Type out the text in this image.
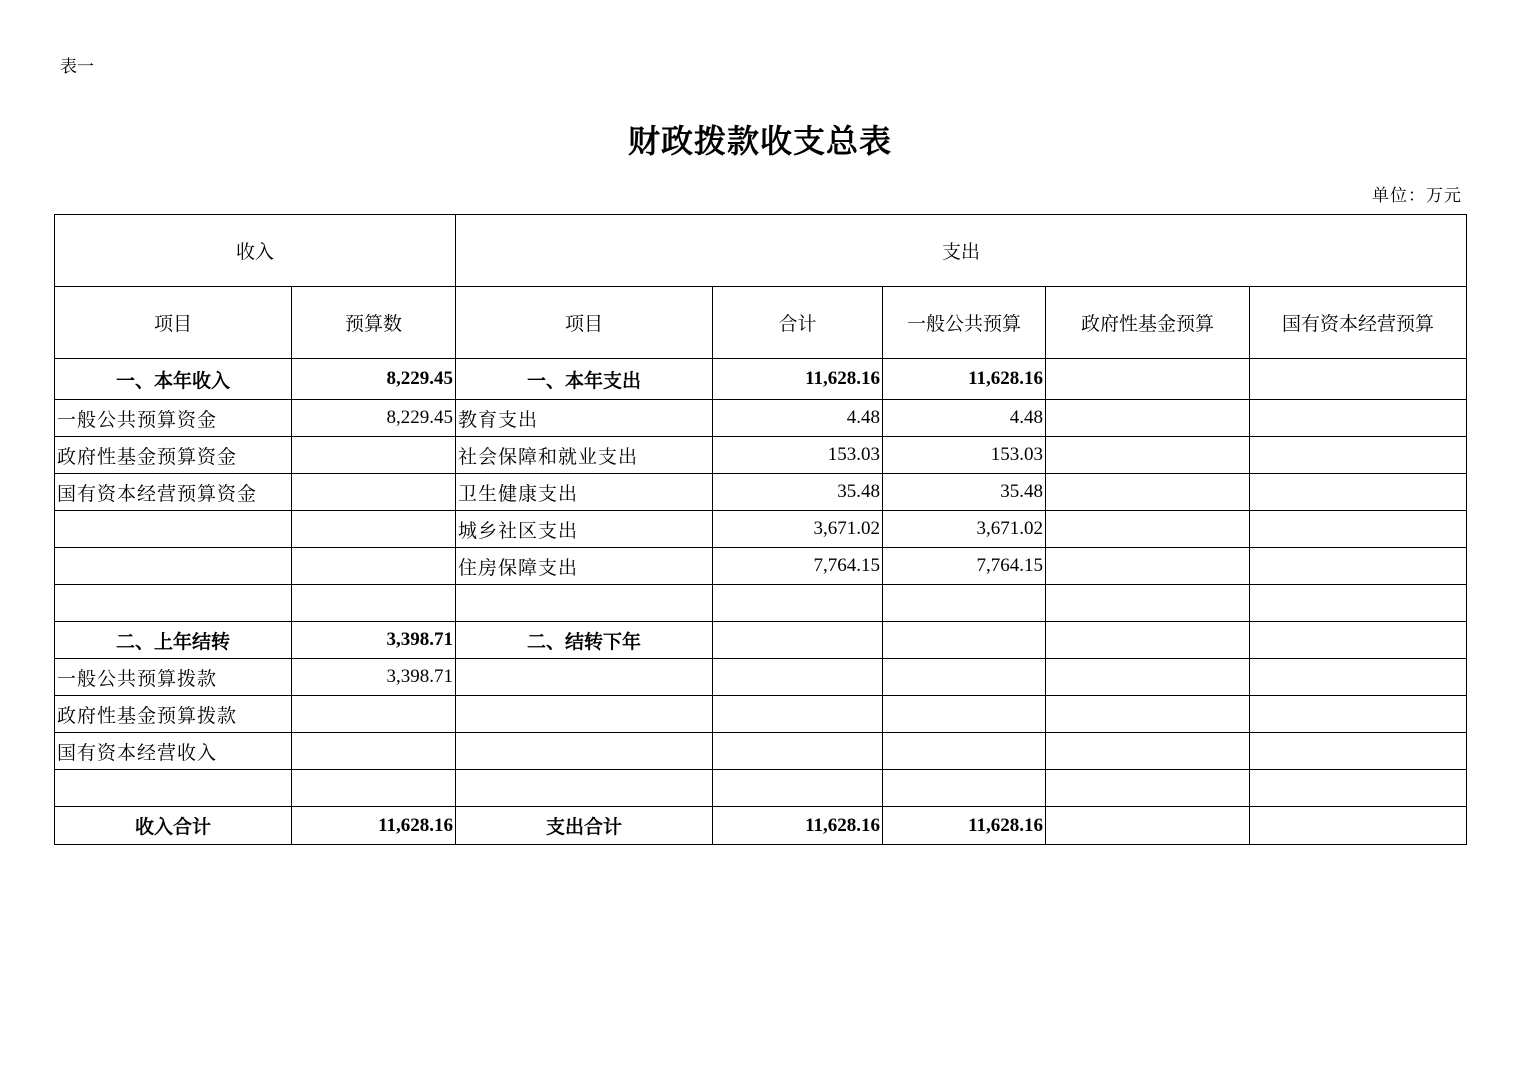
表一
财政拨款收支总表
单位：万元
收入		支出				
项目	预算数	项目	合计	一般公共预算	政府性基金预算	国有资本经营预算
一、本年收入	8,229.45	一、本年支出	11,628.16	11,628.16		
一般公共预算资金	8,229.45	教育支出	4.48	4.48		
政府性基金预算资金		社会保障和就业支出	153.03	153.03		
国有资本经营预算资金		卫生健康支出	35.48	35.48		
		城乡社区支出	3,671.02	3,671.02		
		住房保障支出	7,764.15	7,764.15		

二、上年结转	3,398.71	二、结转下年				
一般公共预算拨款	3,398.71					
政府性基金预算拨款						
国有资本经营收入						

收入合计	11,628.16	支出合计	11,628.16	11,628.16		
